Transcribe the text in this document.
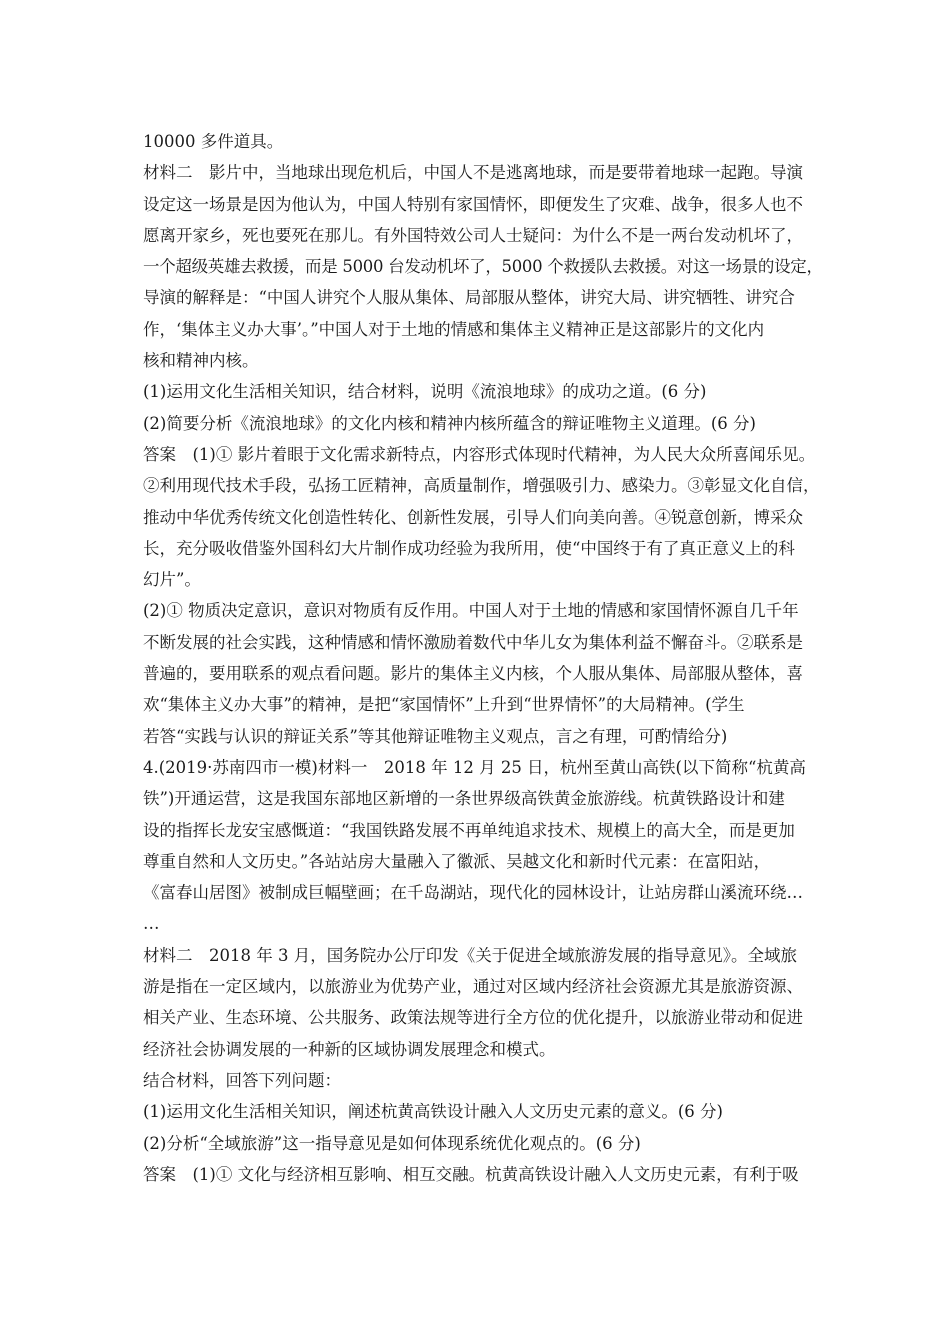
10000 多件道具。
材料二　影片中，当地球出现危机后，中国人不是逃离地球，而是要带着地球一起跑。导演
设定这一场景是因为他认为，中国人特别有家国情怀，即便发生了灾难、战争，很多人也不
愿离开家乡，死也要死在那儿。有外国特效公司人士疑问：为什么不是一两台发动机坏了，
一个超级英雄去救援，而是 5000 台发动机坏了，5000 个救援队去救援。对这一场景的设定，
导演的解释是：“中国人讲究个人服从集体、局部服从整体，讲究大局、讲究牺牲、讲究合
作，‘集体主义办大事’。”中国人对于土地的情感和集体主义精神正是这部影片的文化内
核和精神内核。
(1)运用文化生活相关知识，结合材料，说明《流浪地球》的成功之道。(6 分)
(2)简要分析《流浪地球》的文化内核和精神内核所蕴含的辩证唯物主义道理。(6 分)
答案　(1)① 影片着眼于文化需求新特点，内容形式体现时代精神，为人民大众所喜闻乐见。
②利用现代技术手段，弘扬工匠精神，高质量制作，增强吸引力、感染力。③彰显文化自信，
推动中华优秀传统文化创造性转化、创新性发展，引导人们向美向善。④锐意创新，博采众
长，充分吸收借鉴外国科幻大片制作成功经验为我所用，使“中国终于有了真正意义上的科
幻片”。
(2)① 物质决定意识，意识对物质有反作用。中国人对于土地的情感和家国情怀源自几千年
不断发展的社会实践，这种情感和情怀激励着数代中华儿女为集体利益不懈奋斗。②联系是
普遍的，要用联系的观点看问题。影片的集体主义内核，个人服从集体、局部服从整体，喜
欢“集体主义办大事”的精神，是把“家国情怀”上升到“世界情怀”的大局精神。(学生
若答“实践与认识的辩证关系”等其他辩证唯物主义观点，言之有理，可酌情给分)
4.(2019·苏南四市一模)材料一　2018 年 12 月 25 日，杭州至黄山高铁(以下简称“杭黄高
铁”)开通运营，这是我国东部地区新增的一条世界级高铁黄金旅游线。杭黄铁路设计和建
设的指挥长龙安宝感慨道：“我国铁路发展不再单纯追求技术、规模上的高大全，而是更加
尊重自然和人文历史。”各站站房大量融入了徽派、吴越文化和新时代元素：在富阳站，
《富春山居图》被制成巨幅壁画；在千岛湖站，现代化的园林设计，让站房群山溪流环绕…
…
材料二　2018 年 3 月，国务院办公厅印发《关于促进全域旅游发展的指导意见》。全域旅
游是指在一定区域内，以旅游业为优势产业，通过对区域内经济社会资源尤其是旅游资源、
相关产业、生态环境、公共服务、政策法规等进行全方位的优化提升，以旅游业带动和促进
经济社会协调发展的一种新的区域协调发展理念和模式。
结合材料，回答下列问题：
(1)运用文化生活相关知识，阐述杭黄高铁设计融入人文历史元素的意义。(6 分)
(2)分析“全域旅游”这一指导意见是如何体现系统优化观点的。(6 分)
答案　(1)① 文化与经济相互影响、相互交融。杭黄高铁设计融入人文历史元素，有利于吸
